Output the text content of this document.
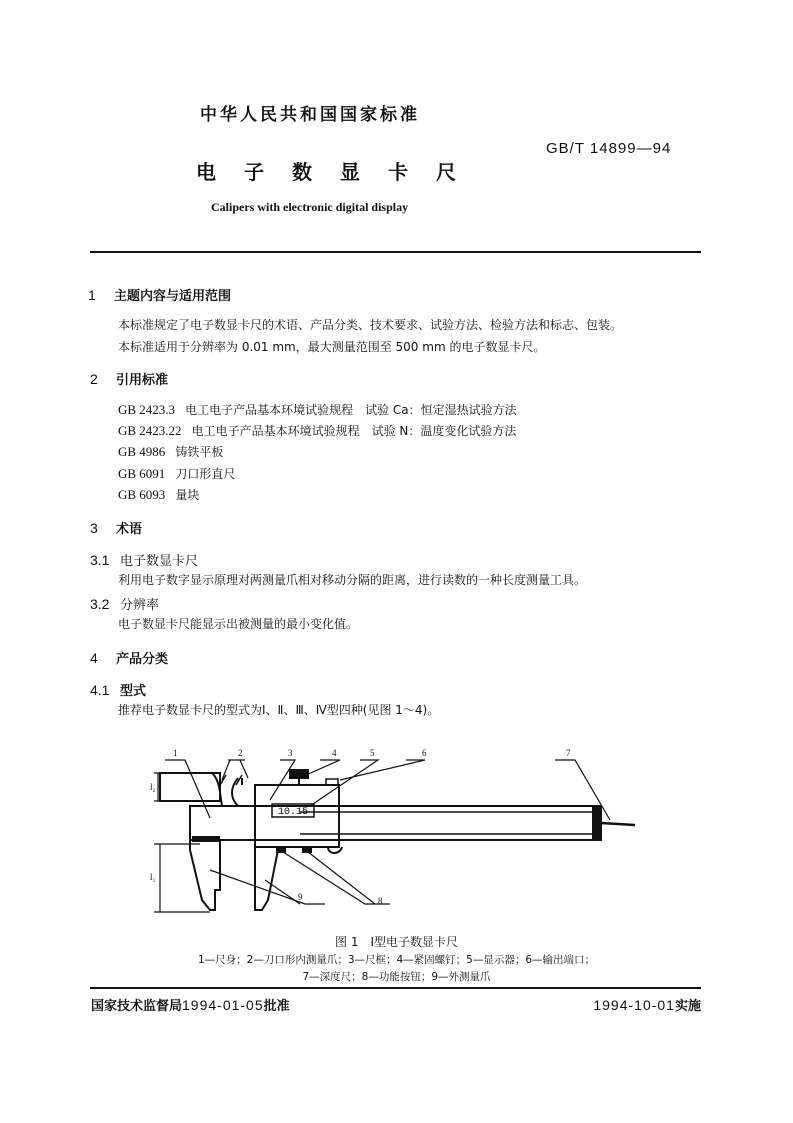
中华人民共和国国家标准
GB/T 14899—94
电子数显卡尺
Calipers with electronic digital display
1 主题内容与适用范围
本标准规定了电子数显卡尺的术语、产品分类、技术要求、试验方法、检验方法和标志、包装。
本标准适用于分辨率为 0.01 mm，最大测量范围至 500 mm 的电子数显卡尺。
2 引用标准
GB 2423.3 电工电子产品基本环境试验规程　试验 Ca：恒定湿热试验方法
GB 2423.22 电工电子产品基本环境试验规程　试验 N：温度变化试验方法
GB 4986 铸铁平板
GB 6091 刀口形直尺
GB 6093 量块
3 术语
3.1 电子数显卡尺
利用电子数字显示原理对两测量爪相对移动分隔的距离，进行读数的一种长度测量工具。
3.2 分辨率
电子数显卡尺能显示出被测量的最小变化值。
4 产品分类
4.1 型式
推荐电子数显卡尺的型式为Ⅰ、Ⅱ、Ⅲ、Ⅳ型四种(见图 1～4)。
10.15
l₂
l₁
1	2	3	4	5	6	7
8
9
图 1　Ⅰ型电子数显卡尺
1—尺身；2—刀口形内测量爪；3—尺框；4—紧固螺钉；5—显示器；6—输出端口；
7—深度尺；8—功能按钮；9—外测量爪
国家技术监督局1994-01-05批准	1994-10-01实施
